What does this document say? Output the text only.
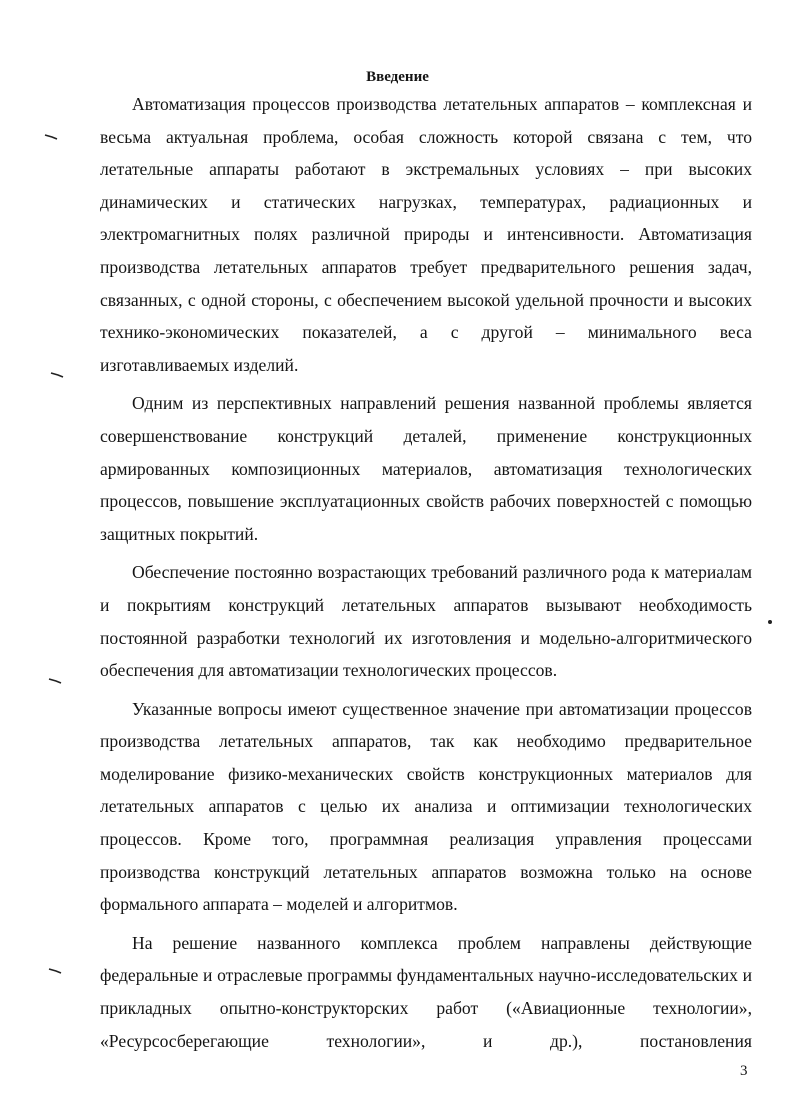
Введение

Автоматизация процессов производства летательных аппаратов – комплексная и весьма актуальная проблема, особая сложность которой связана с тем, что летательные аппараты работают в экстремальных условиях – при высоких динамических и статических нагрузках, температурах, радиационных и электромагнитных полях различной природы и интенсивности. Автоматизация производства летательных аппаратов требует предварительного решения задач, связанных, с одной стороны, с обеспечением высокой удельной прочности и высоких технико-экономических показателей, а с другой – минимального веса изготавливаемых изделий.

Одним из перспективных направлений решения названной проблемы является совершенствование конструкций деталей, применение конструкционных армированных композиционных материалов, автоматизация технологических процессов, повышение эксплуатационных свойств рабочих поверхностей с помощью защитных покрытий.

Обеспечение постоянно возрастающих требований различного рода к материалам и покрытиям конструкций летательных аппаратов вызывают необходимость постоянной разработки технологий их изготовления и модельно-алгоритмического обеспечения для автоматизации технологических процессов.

Указанные вопросы имеют существенное значение при автоматизации процессов производства летательных аппаратов, так как необходимо предварительное моделирование физико-механических свойств конструкционных материалов для летательных аппаратов с целью их анализа и оптимизации технологических процессов. Кроме того, программная реализация управления процессами производства конструкций летательных аппаратов возможна только на основе формального аппарата – моделей и алгоритмов.

На решение названного комплекса проблем направлены действующие федеральные и отраслевые программы фундаментальных научно-исследовательских и прикладных опытно-конструкторских работ («Авиационные технологии», «Ресурсосберегающие технологии», и др.), постановления

3
